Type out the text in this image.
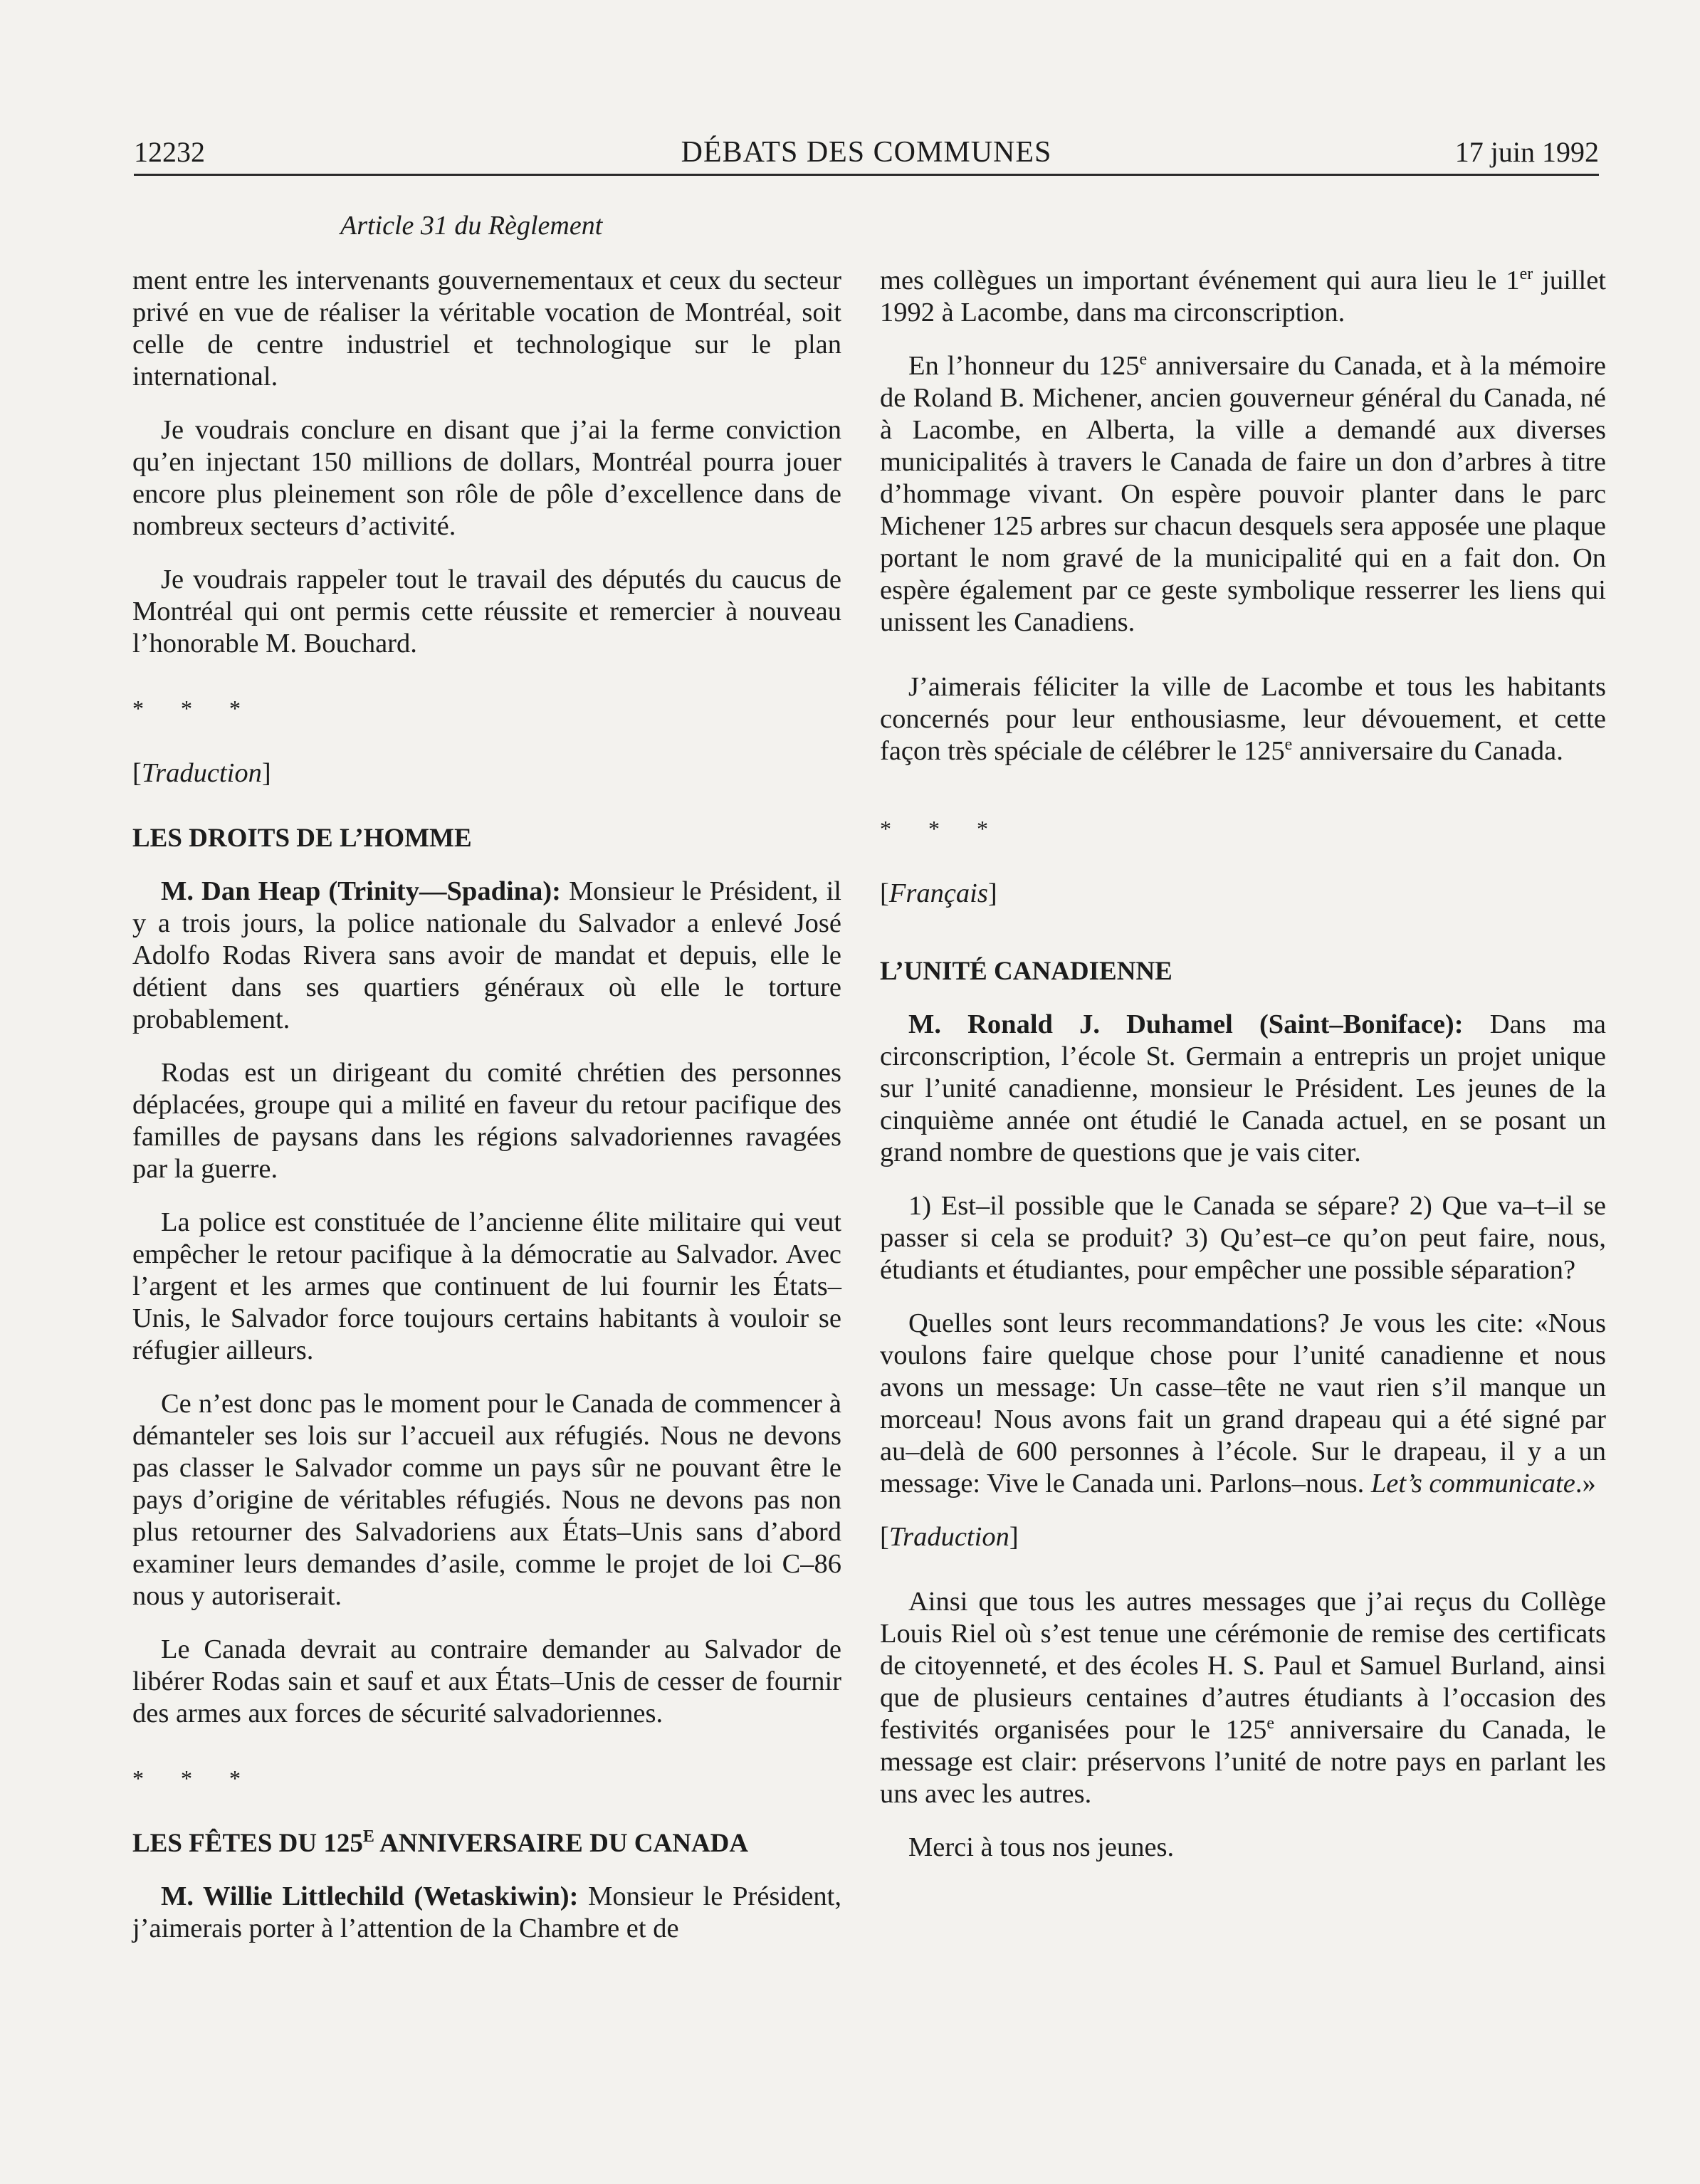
12232	DÉBATS DES COMMUNES	17 juin 1992
Article 31 du Règlement

ment entre les intervenants gouvernementaux et ceux du secteur privé en vue de réaliser la véritable vocation de Montréal, soit celle de centre industriel et technologique sur le plan international.

Je voudrais conclure en disant que j’ai la ferme conviction qu’en injectant 150 millions de dollars, Montréal pourra jouer encore plus pleinement son rôle de pôle d’excellence dans de nombreux secteurs d’activité.

Je voudrais rappeler tout le travail des députés du caucus de Montréal qui ont permis cette réussite et remercier à nouveau l’honorable M. Bouchard.

* * *

[Traduction]

LES DROITS DE L’HOMME

M. Dan Heap (Trinity—Spadina): Monsieur le Président, il y a trois jours, la police nationale du Salvador a enlevé José Adolfo Rodas Rivera sans avoir de mandat et depuis, elle le détient dans ses quartiers généraux où elle le torture probablement.

Rodas est un dirigeant du comité chrétien des personnes déplacées, groupe qui a milité en faveur du retour pacifique des familles de paysans dans les régions salvadoriennes ravagées par la guerre.

La police est constituée de l’ancienne élite militaire qui veut empêcher le retour pacifique à la démocratie au Salvador. Avec l’argent et les armes que continuent de lui fournir les États–Unis, le Salvador force toujours certains habitants à vouloir se réfugier ailleurs.

Ce n’est donc pas le moment pour le Canada de commencer à démanteler ses lois sur l’accueil aux réfugiés. Nous ne devons pas classer le Salvador comme un pays sûr ne pouvant être le pays d’origine de véritables réfugiés. Nous ne devons pas non plus retourner des Salvadoriens aux États–Unis sans d’abord examiner leurs demandes d’asile, comme le projet de loi C–86 nous y autoriserait.

Le Canada devrait au contraire demander au Salvador de libérer Rodas sain et sauf et aux États–Unis de cesser de fournir des armes aux forces de sécurité salvadoriennes.

* * *

LES FÊTES DU $125^E$ ANNIVERSAIRE DU CANADA

M. Willie Littlechild (Wetaskiwin): Monsieur le Président, j’aimerais porter à l’attention de la Chambre et de

mes collègues un important événement qui aura lieu le 1er juillet 1992 à Lacombe, dans ma circonscription.

En l’honneur du 125e anniversaire du Canada, et à la mémoire de Roland B. Michener, ancien gouverneur général du Canada, né à Lacombe, en Alberta, la ville a demandé aux diverses municipalités à travers le Canada de faire un don d’arbres à titre d’hommage vivant. On espère pouvoir planter dans le parc Michener 125 arbres sur chacun desquels sera apposée une plaque portant le nom gravé de la municipalité qui en a fait don. On espère également par ce geste symbolique resserrer les liens qui unissent les Canadiens.

J’aimerais féliciter la ville de Lacombe et tous les habitants concernés pour leur enthousiasme, leur dévouement, et cette façon très spéciale de célébrer le 125e anniversaire du Canada.

* * *

[Français]

L’UNITÉ CANADIENNE

M. Ronald J. Duhamel (Saint–Boniface): Dans ma circonscription, l’école St. Germain a entrepris un projet unique sur l’unité canadienne, monsieur le Président. Les jeunes de la cinquième année ont étudié le Canada actuel, en se posant un grand nombre de questions que je vais citer.

1) Est–il possible que le Canada se sépare? 2) Que va–t–il se passer si cela se produit? 3) Qu’est–ce qu’on peut faire, nous, étudiants et étudiantes, pour empêcher une possible séparation?

Quelles sont leurs recommandations? Je vous les cite: «Nous voulons faire quelque chose pour l’unité canadienne et nous avons un message: Un casse–tête ne vaut rien s’il manque un morceau! Nous avons fait un grand drapeau qui a été signé par au–delà de 600 personnes à l’école. Sur le drapeau, il y a un message: Vive le Canada uni. Parlons–nous. Let’s communicate.»

[Traduction]

Ainsi que tous les autres messages que j’ai reçus du Collège Louis Riel où s’est tenue une cérémonie de remise des certificats de citoyenneté, et des écoles H. S. Paul et Samuel Burland, ainsi que de plusieurs centaines d’autres étudiants à l’occasion des festivités organisées pour le 125e anniversaire du Canada, le message est clair: préservons l’unité de notre pays en parlant les uns avec les autres.

Merci à tous nos jeunes.
